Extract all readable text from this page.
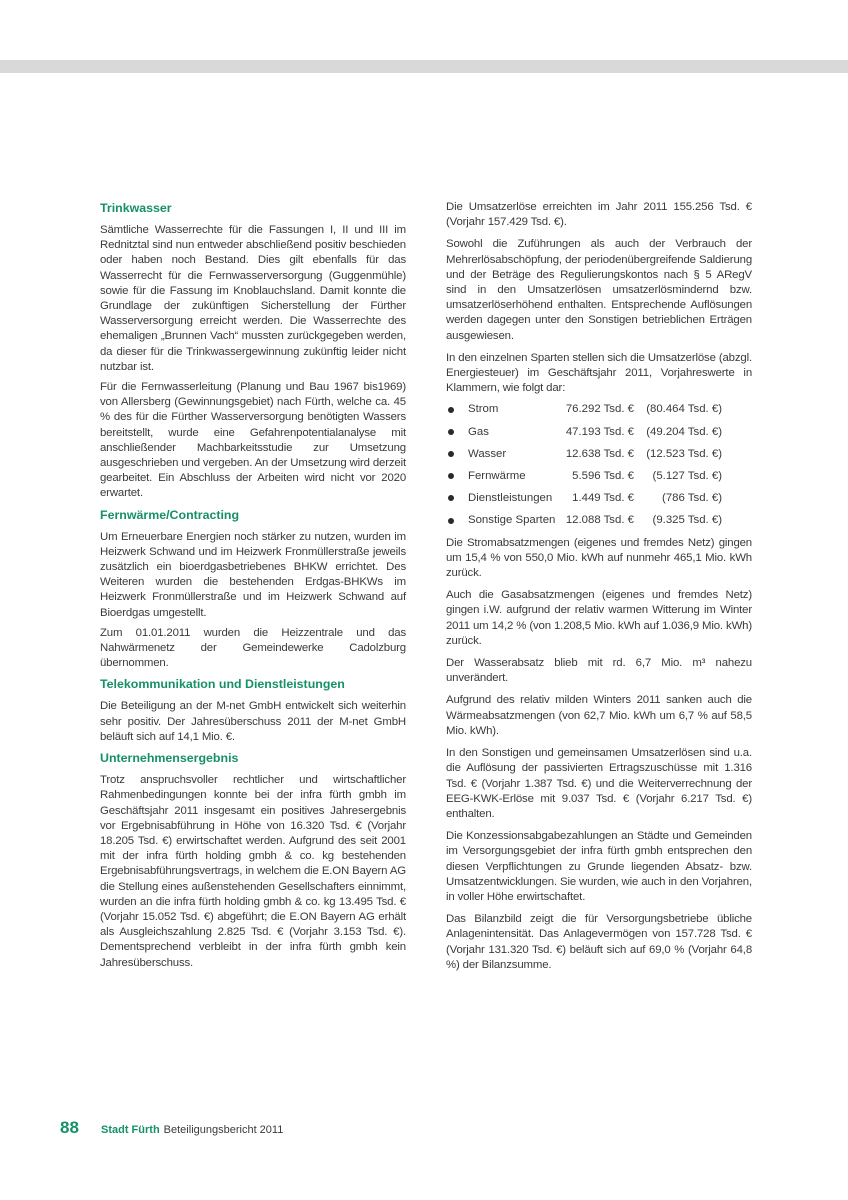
Trinkwasser

Sämtliche Wasserrechte für die Fassungen I, II und III im Rednitztal sind nun entweder abschließend positiv beschieden oder haben noch Bestand. Dies gilt ebenfalls für das Wasserrecht für die Fernwasserversorgung (Guggenmühle) sowie für die Fassung im Knoblauchsland. Damit konnte die Grundlage der zukünftigen Sicherstellung der Fürther Wasserversorgung erreicht werden. Die Wasserrechte des ehemaligen „Brunnen Vach“ mussten zurückgegeben werden, da dieser für die Trinkwassergewinnung zukünftig leider nicht nutzbar ist.

Für die Fernwasserleitung (Planung und Bau 1967 bis1969) von Allersberg (Gewinnungsgebiet) nach Fürth, welche ca. 45 % des für die Fürther Wasserversorgung benötigten Wassers bereitstellt, wurde eine Gefahrenpotentialanalyse mit anschließender Machbarkeitsstudie zur Umsetzung ausgeschrieben und vergeben. An der Umsetzung wird derzeit gearbeitet. Ein Abschluss der Arbeiten wird nicht vor 2020 erwartet.

Fernwärme/Contracting

Um Erneuerbare Energien noch stärker zu nutzen, wurden im Heizwerk Schwand und im Heizwerk Fronmüllerstraße jeweils zusätzlich ein bioerdgasbetriebenes BHKW errichtet. Des Weiteren wurden die bestehenden Erdgas-BHKWs im Heizwerk Fronmüllerstraße und im Heizwerk Schwand auf Bioerdgas umgestellt.

Zum 01.01.2011 wurden die Heizzentrale und das Nahwärmenetz der Gemeindewerke Cadolzburg übernommen.

Telekommunikation und Dienstleistungen

Die Beteiligung an der M-net GmbH entwickelt sich weiterhin sehr positiv. Der Jahresüberschuss 2011 der M-net GmbH beläuft sich auf 14,1 Mio. €.

Unternehmensergebnis

Trotz anspruchsvoller rechtlicher und wirtschaftlicher Rahmenbedingungen konnte bei der infra fürth gmbh im Geschäftsjahr 2011 insgesamt ein positives Jahresergebnis vor Ergebnisabführung in Höhe von 16.320 Tsd. € (Vorjahr 18.205 Tsd. €) erwirtschaftet werden. Aufgrund des seit 2001 mit der infra fürth holding gmbh & co. kg bestehenden Ergebnisabführungsvertrags, in welchem die E.ON Bayern AG die Stellung eines außenstehenden Gesellschafters einnimmt, wurden an die infra fürth holding gmbh & co. kg 13.495 Tsd. € (Vorjahr 15.052 Tsd. €) abgeführt; die E.ON Bayern AG erhält als Ausgleichszahlung 2.825 Tsd. € (Vorjahr 3.153 Tsd. €). Dementsprechend verbleibt in der infra fürth gmbh kein Jahresüberschuss.

Die Umsatzerlöse erreichten im Jahr 2011 155.256 Tsd. € (Vorjahr 157.429 Tsd. €).

Sowohl die Zuführungen als auch der Verbrauch der Mehrerlösabschöpfung, der periodenübergreifende Saldierung und der Beträge des Regulierungskontos nach § 5 ARegV sind in den Umsatzerlösen umsatzerlösmindernd bzw. umsatzerlöserhöhend enthalten. Entsprechende Auflösungen werden dagegen unter den Sonstigen betrieblichen Erträgen ausgewiesen.

In den einzelnen Sparten stellen sich die Umsatzerlöse (abzgl. Energiesteuer) im Geschäftsjahr 2011, Vorjahreswerte in Klammern, wie folgt dar:

Strom	76.292 Tsd. €	(80.464 Tsd. €)
Gas	47.193 Tsd. €	(49.204 Tsd. €)
Wasser	12.638 Tsd. €	(12.523 Tsd. €)
Fernwärme	5.596 Tsd. €	(5.127 Tsd. €)
Dienstleistungen	1.449 Tsd. €	(786 Tsd. €)
Sonstige Sparten 12.088 Tsd. €	(9.325 Tsd. €)

Die Stromabsatzmengen (eigenes und fremdes Netz) gingen um 15,4 % von 550,0 Mio. kWh auf nunmehr 465,1 Mio. kWh zurück.

Auch die Gasabsatzmengen (eigenes und fremdes Netz) gingen i.W. aufgrund der relativ warmen Witterung im Winter 2011 um 14,2 % (von 1.208,5 Mio. kWh auf 1.036,9 Mio. kWh) zurück.

Der Wasserabsatz blieb mit rd. 6,7 Mio. m³ nahezu unverändert.

Aufgrund des relativ milden Winters 2011 sanken auch die Wärmeabsatzmengen (von 62,7 Mio. kWh um 6,7 % auf 58,5 Mio. kWh).

In den Sonstigen und gemeinsamen Umsatzerlösen sind u.a. die Auflösung der passivierten Ertragszuschüsse mit 1.316 Tsd. € (Vorjahr 1.387 Tsd. €) und die Weiterverrechnung der EEG-KWK-Erlöse mit 9.037 Tsd. € (Vorjahr 6.217 Tsd. €) enthalten.

Die Konzessionsabgabezahlungen an Städte und Gemeinden im Versorgungsgebiet der infra fürth gmbh entsprechen den diesen Verpflichtungen zu Grunde liegenden Absatz- bzw. Umsatzentwicklungen. Sie wurden, wie auch in den Vorjahren, in voller Höhe erwirtschaftet.

Das Bilanzbild zeigt die für Versorgungsbetriebe übliche Anlagenintensität. Das Anlagevermögen von 157.728 Tsd. € (Vorjahr 131.320 Tsd. €) beläuft sich auf 69,0 % (Vorjahr 64,8 %) der Bilanzsumme.

88	Stadt Fürth Beteiligungsbericht 2011
